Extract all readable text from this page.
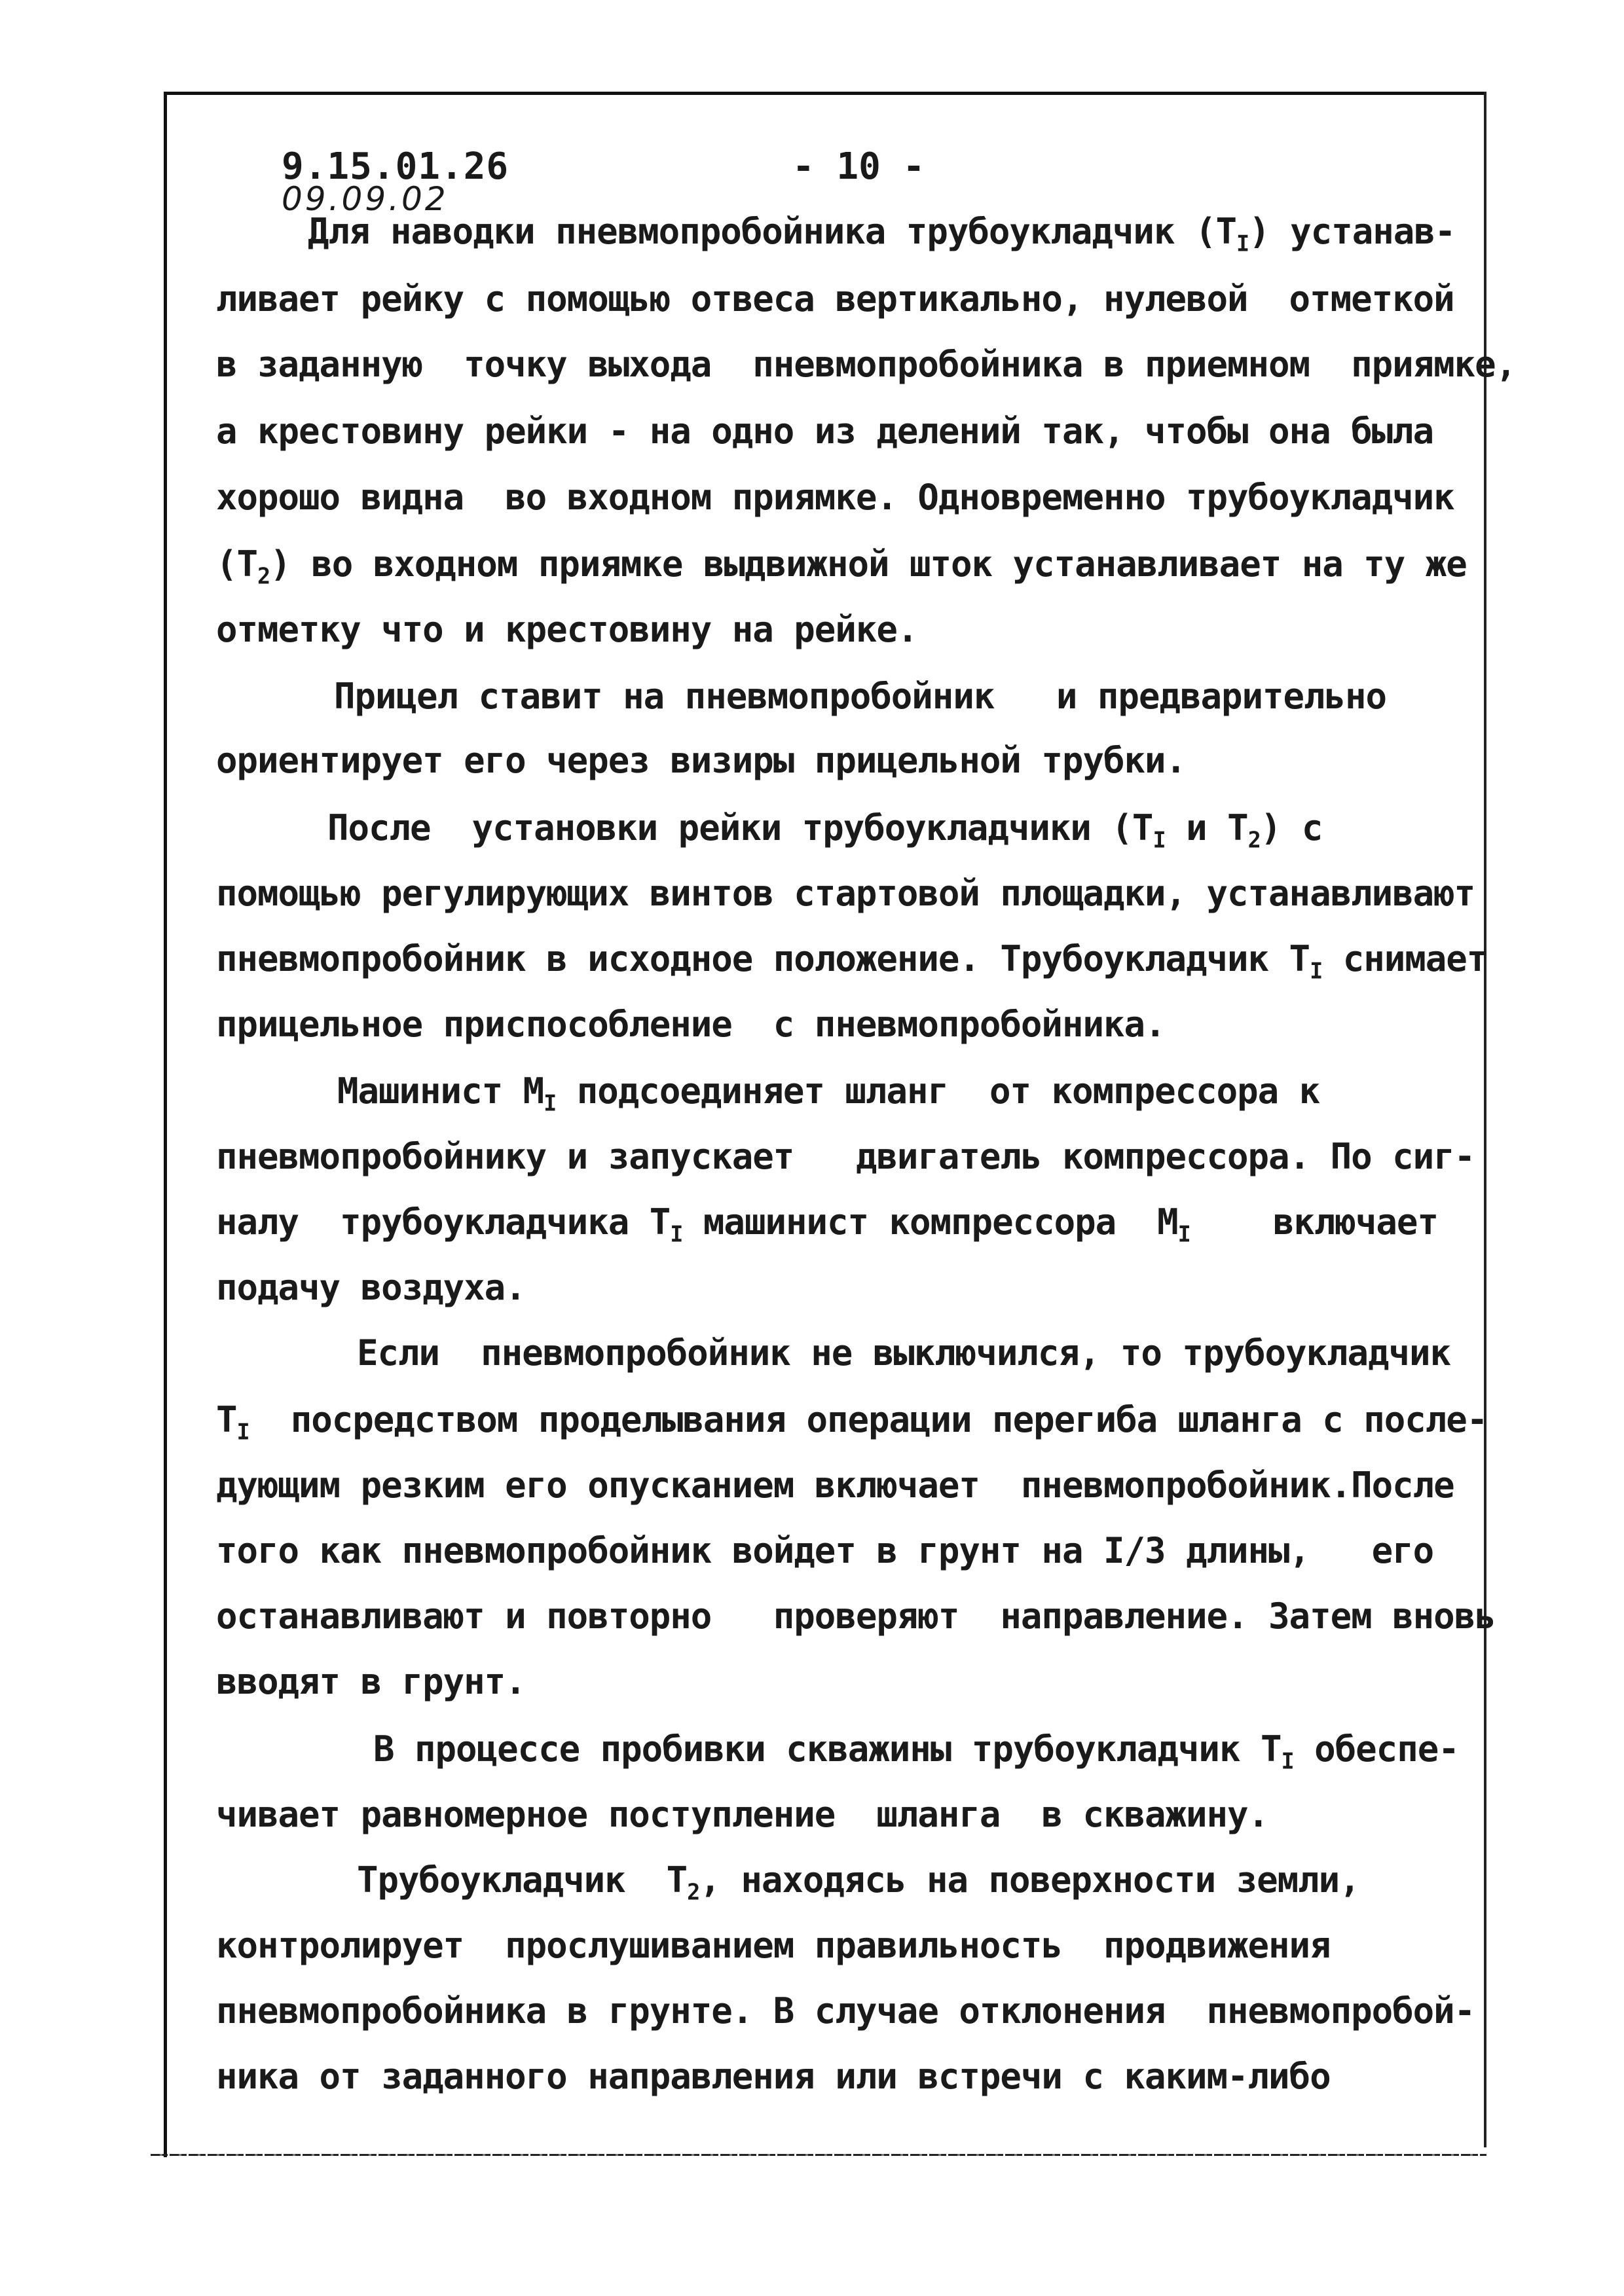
9.15.01.26
09.09.02
- 10 -
Для наводки пневмопробойника трубоукладчик $(Т_I)$ устанав-
ливает рейку с помощью отвеса вертикально, нулевой  отметкой
в заданную  точку выхода  пневмопробойника в приемном  приямке,
а крестовину рейки - на одно из делений так, чтобы она была
хорошо видна  во входном приямке. Одновременно трубоукладчик
$(Т_2)$ во входном приямке выдвижной шток устанавливает на ту же
отметку что и крестовину на рейке.
Прицел ставит на пневмопробойник   и предварительно
ориентирует его через визиры прицельной трубки.
После  установки рейки трубоукладчики ($Т_I$ и $Т_2$) с
помощью регулирующих винтов стартовой площадки, устанавливают
пневмопробойник в исходное положение. Трубоукладчик $Т_I$ снимает
прицельное приспособление  с пневмопробойника.
Машинист $М_I$ подсоединяет шланг  от компрессора к
пневмопробойнику и запускает   двигатель компрессора. По сиг-
налу  трубоукладчика $Т_I$ машинист компрессора  $М_I$    включает
подачу воздуха.
Если  пневмопробойник не выключился, то трубоукладчик
$Т_I$  посредством проделывания операции перегиба шланга с после-
дующим резким его опусканием включает  пневмопробойник.После
того как пневмопробойник войдет в грунт на I/3 длины,   его
останавливают и повторно   проверяют  направление. Затем вновь
вводят в грунт.
В процессе пробивки скважины трубоукладчик $Т_I$ обеспе-
чивает равномерное поступление  шланга  в скважину.
Трубоукладчик  $Т_2$, находясь на поверхности земли,
контролирует  прослушиванием правильность  продвижения
пневмопробойника в грунте. В случае отклонения  пневмопробой-
ника от заданного направления или встречи с каким-либо
